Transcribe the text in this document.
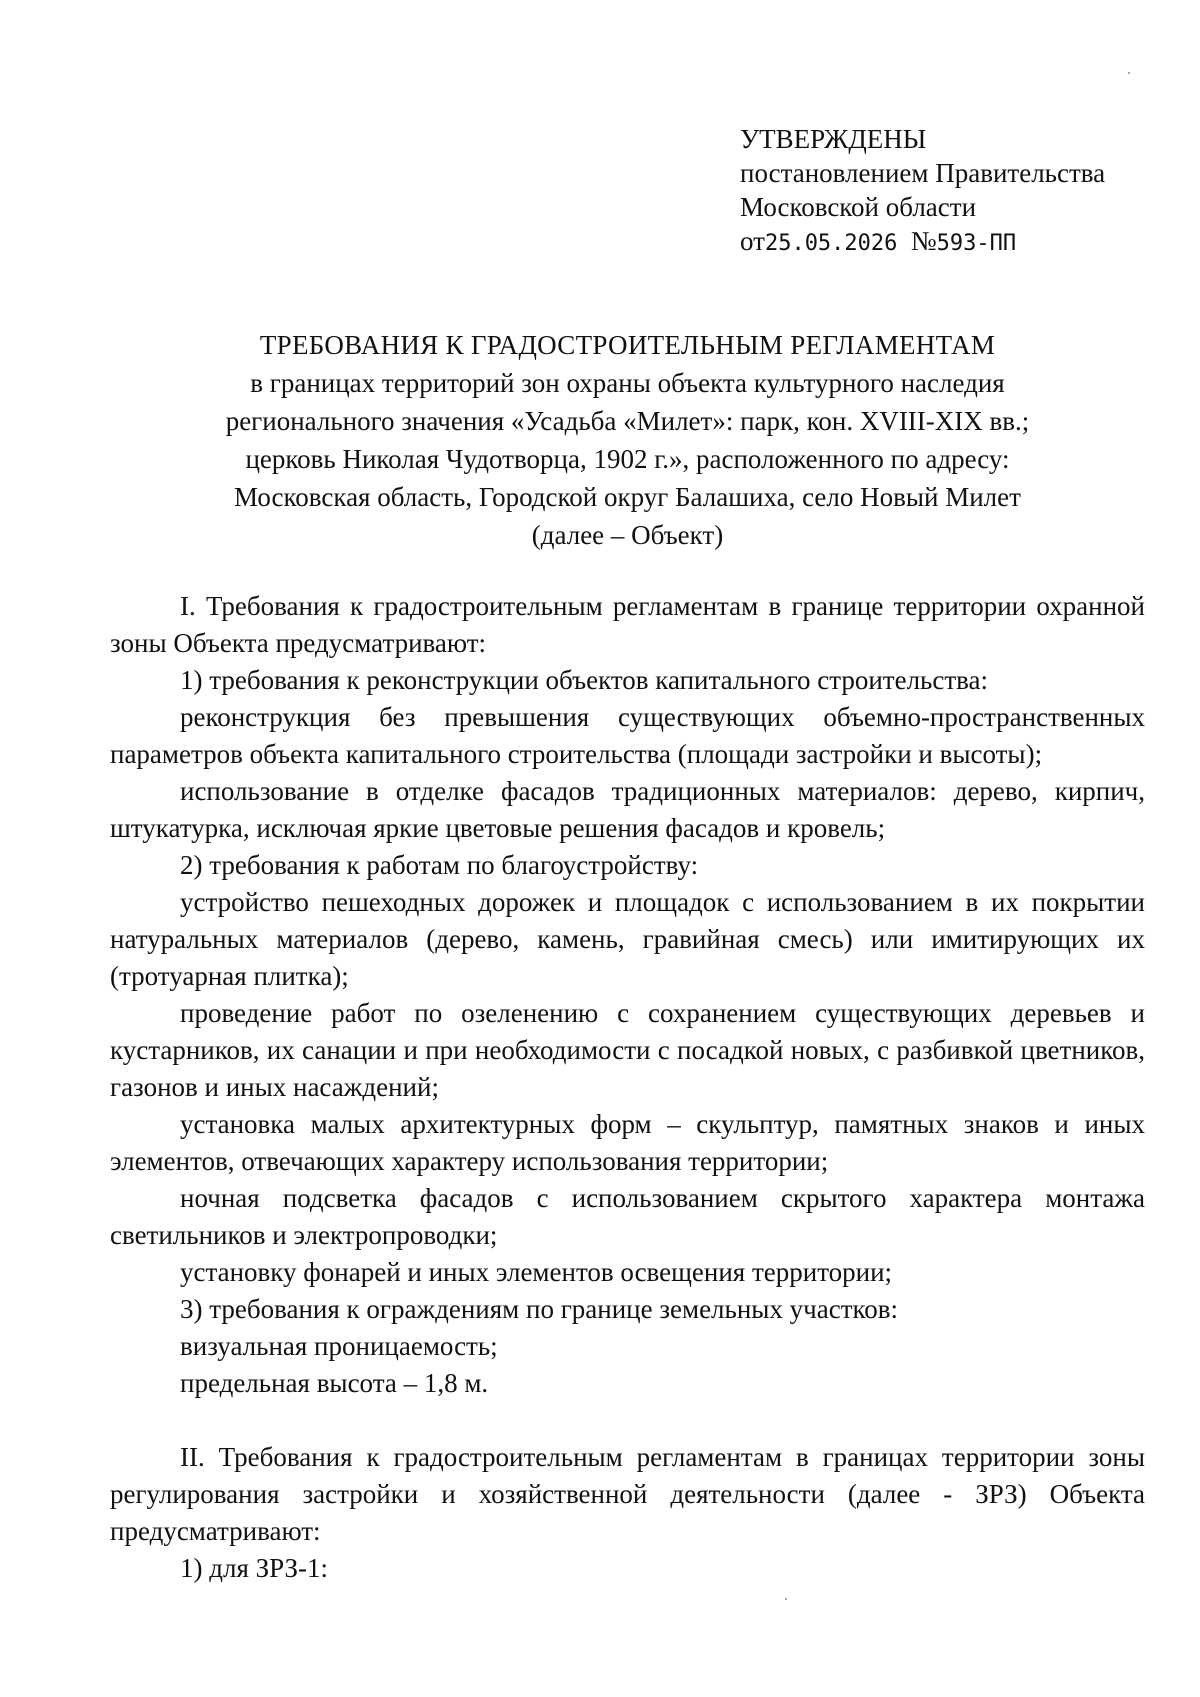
УТВЕРЖДЕНЫ
постановлением Правительства
Московской области
от25.05.2026 №593-ПП
ТРЕБОВАНИЯ К ГРАДОСТРОИТЕЛЬНЫМ РЕГЛАМЕНТАМ
в границах территорий зон охраны объекта культурного наследия
регионального значения «Усадьба «Милет»: парк, кон. XVIII-XIX вв.;
церковь Николая Чудотворца, 1902 г.», расположенного по адресу:
Московская область, Городской округ Балашиха, село Новый Милет
(далее – Объект)

I. Требования к градостроительным регламентам в границе территории охранной зоны Объекта предусматривают:

1) требования к реконструкции объектов капитального строительства:

реконструкция без превышения существующих объемно-пространственных параметров объекта капитального строительства (площади застройки и высоты);

использование в отделке фасадов традиционных материалов: дерево, кирпич, штукатурка, исключая яркие цветовые решения фасадов и кровель;

2) требования к работам по благоустройству:

устройство пешеходных дорожек и площадок с использованием в их покрытии натуральных материалов (дерево, камень, гравийная смесь) или имитирующих их (тротуарная плитка);

проведение работ по озеленению с сохранением существующих деревьев и кустарников, их санации и при необходимости с посадкой новых, с разбивкой цветников, газонов и иных насаждений;

установка малых архитектурных форм – скульптур, памятных знаков и иных элементов, отвечающих характеру использования территории;

ночная подсветка фасадов с использованием скрытого характера монтажа светильников и электропроводки;

установку фонарей и иных элементов освещения территории;

3) требования к ограждениям по границе земельных участков:

визуальная проницаемость;

предельная высота – 1,8 м.

II. Требования к градостроительным регламентам в границах территории зоны регулирования застройки и хозяйственной деятельности (далее - ЗРЗ) Объекта предусматривают:

1) для ЗРЗ-1:
